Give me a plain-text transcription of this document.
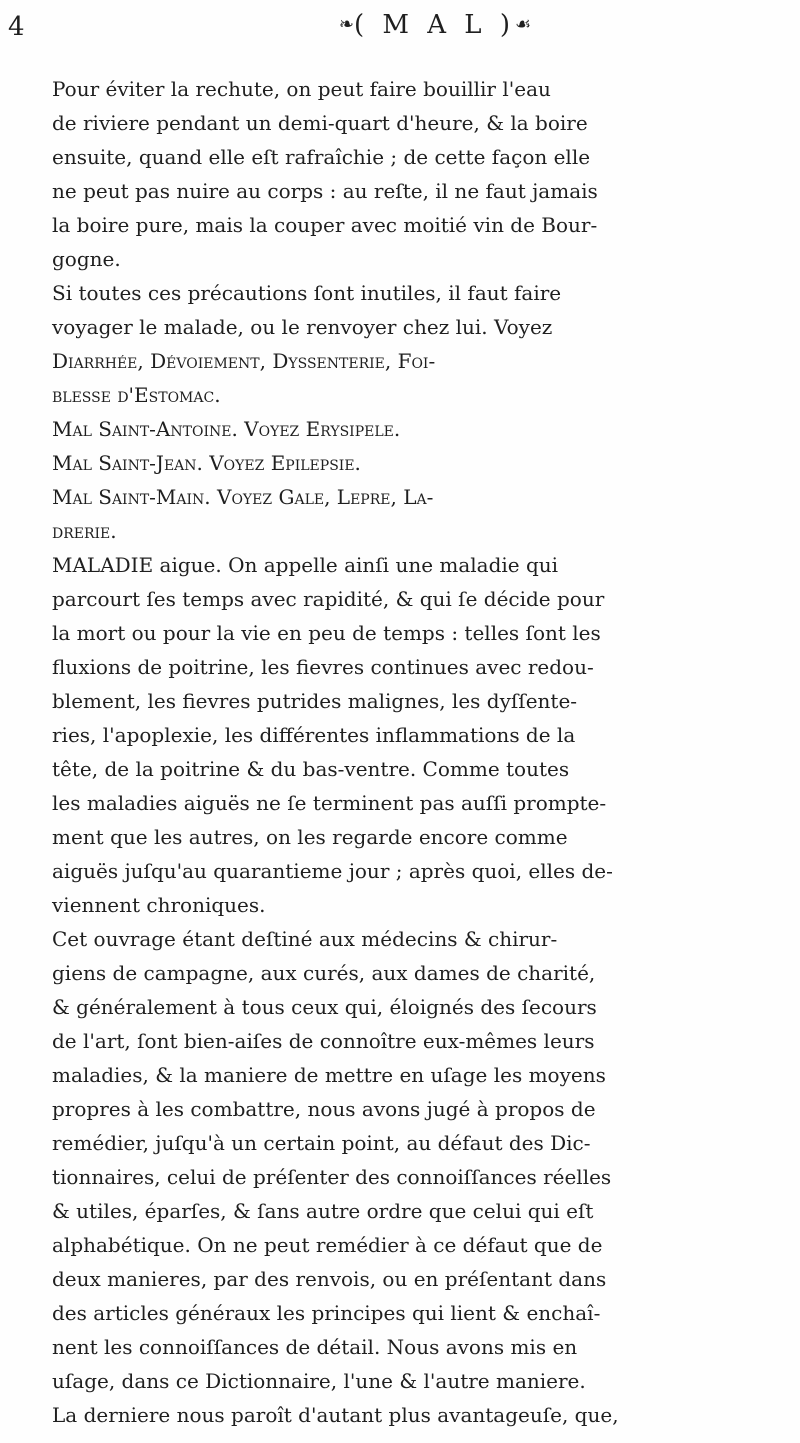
4	❧( M A L )☙
Pour éviter la rechute, on peut faire bouillir l'eau
de riviere pendant un demi-quart d'heure, & la boire
ensuite, quand elle eſt rafraîchie ; de cette façon elle
ne peut pas nuire au corps : au reſte, il ne faut jamais
la boire pure, mais la couper avec moitié vin de Bour-
gogne.
Si toutes ces précautions ſont inutiles, il faut faire
voyager le malade, ou le renvoyer chez lui. Voyez
Diarrhée, Dévoiement, Dyssenterie, Foi-
blesse d'Estomac.
Mal Saint-Antoine. Voyez Erysipele.
Mal Saint-Jean. Voyez Epilepsie.
Mal Saint-Main. Voyez Gale, Lepre, La-
drerie.
MALADIE aigue. On appelle ainſi une maladie qui
parcourt ſes temps avec rapidité, & qui ſe décide pour
la mort ou pour la vie en peu de temps : telles ſont les
fluxions de poitrine, les fievres continues avec redou-
blement, les fievres putrides malignes, les dyſſente-
ries, l'apoplexie, les différentes inflammations de la
tête, de la poitrine & du bas-ventre. Comme toutes
les maladies aiguës ne ſe terminent pas auſſi prompte-
ment que les autres, on les regarde encore comme
aiguës juſqu'au quarantieme jour ; après quoi, elles de-
viennent chroniques.
Cet ouvrage étant deſtiné aux médecins & chirur-
giens de campagne, aux curés, aux dames de charité,
& généralement à tous ceux qui, éloignés des ſecours
de l'art, ſont bien-aiſes de connoître eux-mêmes leurs
maladies, & la maniere de mettre en uſage les moyens
propres à les combattre, nous avons jugé à propos de
remédier, juſqu'à un certain point, au défaut des Dic-
tionnaires, celui de préſenter des connoiſſances réelles
& utiles, éparſes, & ſans autre ordre que celui qui eſt
alphabétique. On ne peut remédier à ce défaut que de
deux manieres, par des renvois, ou en préſentant dans
des articles généraux les principes qui lient & enchaî-
nent les connoiſſances de détail. Nous avons mis en
uſage, dans ce Dictionnaire, l'une & l'autre maniere.
La derniere nous paroît d'autant plus avantageuſe, que,
